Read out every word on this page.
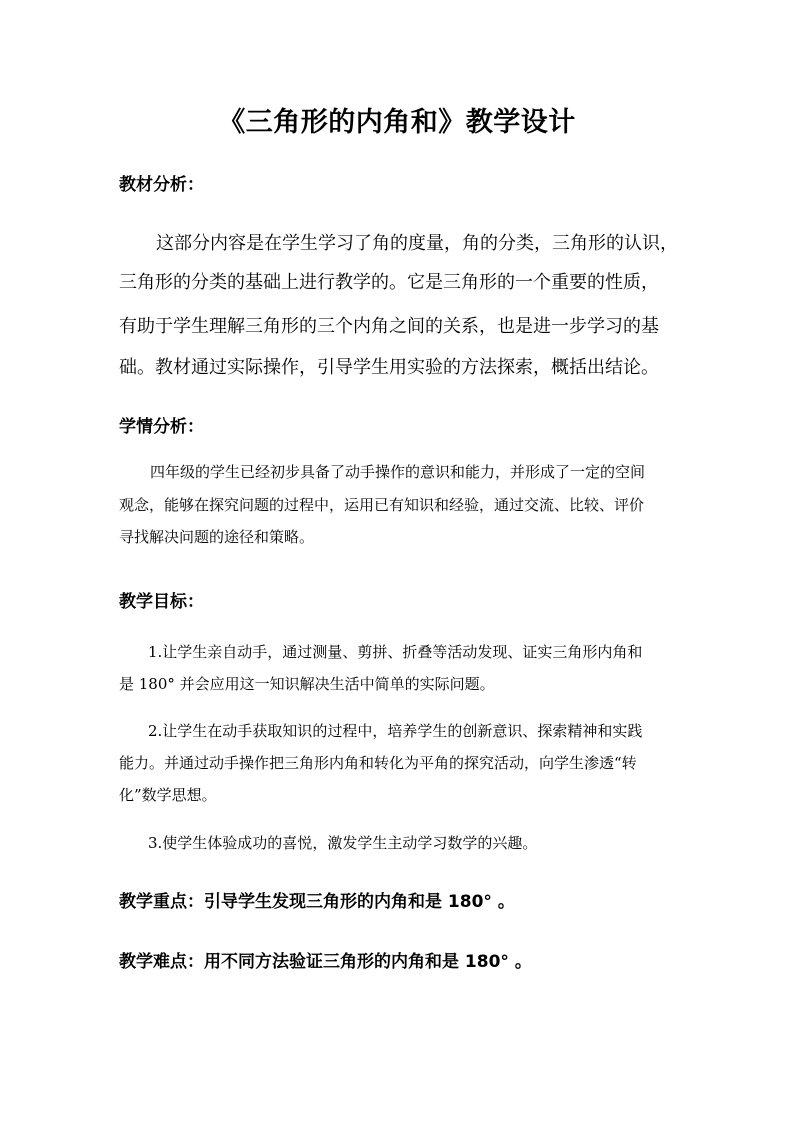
《三角形的内角和》教学设计
教材分析：
这部分内容是在学生学习了角的度量，角的分类，三角形的认识，
三角形的分类的基础上进行教学的。它是三角形的一个重要的性质，
有助于学生理解三角形的三个内角之间的关系，也是进一步学习的基
础。教材通过实际操作，引导学生用实验的方法探索，概括出结论。
学情分析：
四年级的学生已经初步具备了动手操作的意识和能力，并形成了一定的空间
观念，能够在探究问题的过程中，运用已有知识和经验，通过交流、比较、评价
寻找解决问题的途径和策略。
教学目标：
1.让学生亲自动手，通过测量、剪拼、折叠等活动发现、证实三角形内角和
是 180° 并会应用这一知识解决生活中简单的实际问题。
2.让学生在动手获取知识的过程中，培养学生的创新意识、探索精神和实践
能力。并通过动手操作把三角形内角和转化为平角的探究活动，向学生渗透“转
化”数学思想。
3.使学生体验成功的喜悦，激发学生主动学习数学的兴趣。
教学重点：引导学生发现三角形的内角和是 180° 。
教学难点：用不同方法验证三角形的内角和是 180° 。
